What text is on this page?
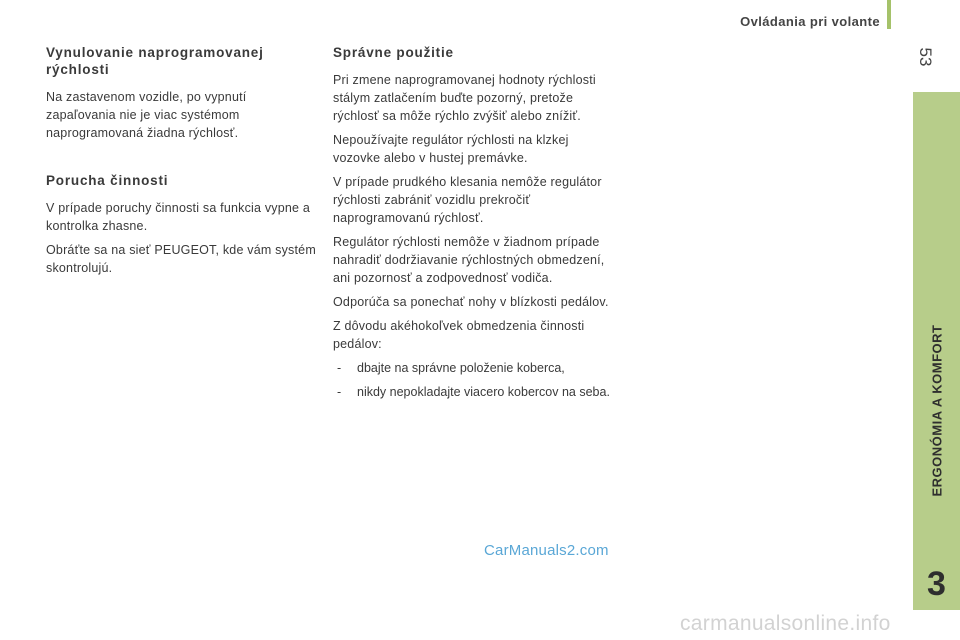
Ovládania pri volante
53
ERGONÓMIA A KOMFORT
3
Vynulovanie naprogramovanej rýchlosti

Na zastavenom vozidle, po vypnutí zapaľovania nie je viac systémom naprogramovaná žiadna rýchlosť.

Porucha činnosti

V prípade poruchy činnosti sa funkcia vypne a kontrolka zhasne.

Obráťte sa na sieť PEUGEOT, kde vám systém skontrolujú.

Správne použitie

Pri zmene naprogramovanej hodnoty rýchlosti stálym zatlačením buďte pozorný, pretože rýchlosť sa môže rýchlo zvýšiť alebo znížiť.

Nepoužívajte regulátor rýchlosti na klzkej vozovke alebo v hustej premávke.

V prípade prudkého klesania nemôže regulátor rýchlosti zabrániť vozidlu prekročiť naprogramovanú rýchlosť.

Regulátor rýchlosti nemôže v žiadnom prípade nahradiť dodržiavanie rýchlostných obmedzení, ani pozornosť a zodpovednosť vodiča.

Odporúča sa ponechať nohy v blízkosti pedálov.

Z dôvodu akéhokoľvek obmedzenia činnosti pedálov:

- dbajte na správne položenie koberca,
- nikdy nepokladajte viacero kobercov na seba.
CarManuals2.com
carmanualsonline.info
